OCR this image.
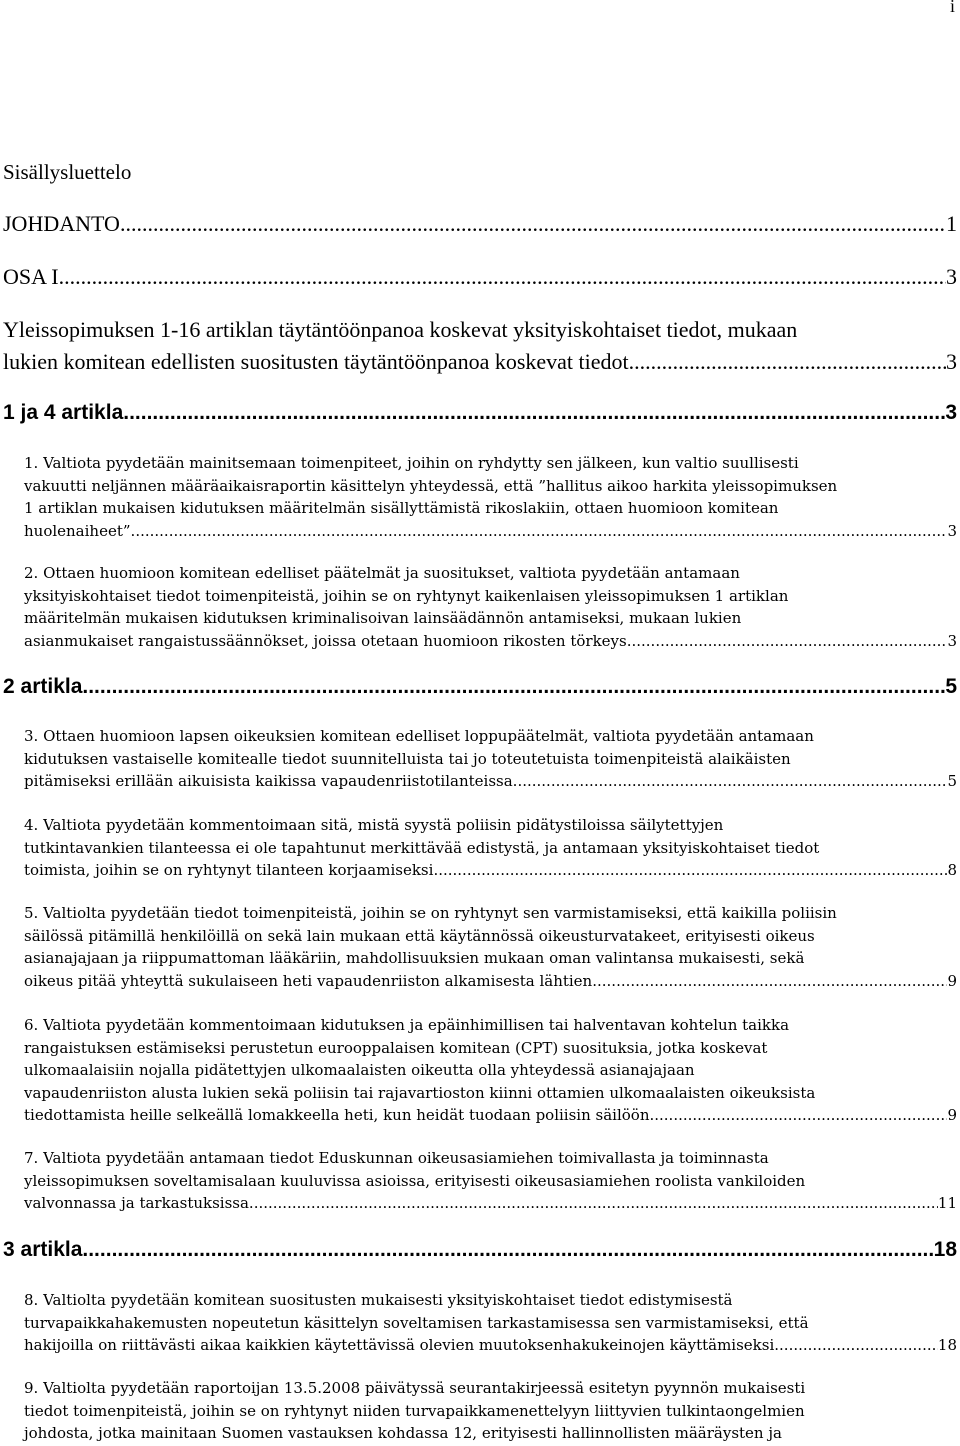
i
Sisällysluettelo
JOHDANTO .....	1
OSA I .....	3
Yleissopimuksen 1-16 artiklan täytäntöönpanoa koskevat yksityiskohtaiset tiedot, mukaan
lukien komitean edellisten suositusten täytäntöönpanoa koskevat tiedot .....	3
1 ja 4 artikla .....	3
1. Valtiota pyydetään mainitsemaan toimenpiteet, joihin on ryhdytty sen jälkeen, kun valtio suullisesti
vakuutti neljännen määräaikaisraportin käsittelyn yhteydessä, että ”hallitus aikoo harkita yleissopimuksen
1 artiklan mukaisen kidutuksen määritelmän sisällyttämistä rikoslakiin, ottaen huomioon komitean
huolenaiheet”. .....	3
2. Ottaen huomioon komitean edelliset päätelmät ja suositukset, valtiota pyydetään antamaan
yksityiskohtaiset tiedot toimenpiteistä, joihin se on ryhtynyt kaikenlaisen yleissopimuksen 1 artiklan
määritelmän mukaisen kidutuksen kriminalisoivan lainsäädännön antamiseksi, mukaan lukien
asianmukaiset rangaistussäännökset, joissa otetaan huomioon rikosten törkeys. .....	3
2 artikla .....	5
3. Ottaen huomioon lapsen oikeuksien komitean edelliset loppupäätelmät, valtiota pyydetään antamaan
kidutuksen vastaiselle komitealle tiedot suunnitelluista tai jo toteutetuista toimenpiteistä alaikäisten
pitämiseksi erillään aikuisista kaikissa vapaudenriistotilanteissa. .....	5
4. Valtiota pyydetään kommentoimaan sitä, mistä syystä poliisin pidätystiloissa säilytettyjen
tutkintavankien tilanteessa ei ole tapahtunut merkittävää edistystä, ja antamaan yksityiskohtaiset tiedot
toimista, joihin se on ryhtynyt tilanteen korjaamiseksi .....	8
5. Valtiolta pyydetään tiedot toimenpiteistä, joihin se on ryhtynyt sen varmistamiseksi, että kaikilla poliisin
säilössä pitämillä henkilöillä on sekä lain mukaan että käytännössä oikeusturvatakeet, erityisesti oikeus
asianajajaan ja riippumattoman lääkäriin, mahdollisuuksien mukaan oman valintansa mukaisesti, sekä
oikeus pitää yhteyttä sukulaiseen heti vapaudenriiston alkamisesta lähtien .....	9
6. Valtiota pyydetään kommentoimaan kidutuksen ja epäinhimillisen tai halventavan kohtelun taikka
rangaistuksen estämiseksi perustetun eurooppalaisen komitean (CPT) suosituksia, jotka koskevat
ulkomaalaisiin nojalla pidätettyjen ulkomaalaisten oikeutta olla yhteydessä asianajajaan
vapaudenriiston alusta lukien sekä poliisin tai rajavartioston kiinni ottamien ulkomaalaisten oikeuksista
tiedottamista heille selkeällä lomakkeella heti, kun heidät tuodaan poliisin säilöön. .....	9
7. Valtiota pyydetään antamaan tiedot Eduskunnan oikeusasiamiehen toimivallasta ja toiminnasta
yleissopimuksen soveltamisalaan kuuluvissa asioissa, erityisesti oikeusasiamiehen roolista vankiloiden
valvonnassa ja tarkastuksissa. .....	11
3 artikla .....	18
8. Valtiolta pyydetään komitean suositusten mukaisesti yksityiskohtaiset tiedot edistymisestä
turvapaikkahakemusten nopeutetun käsittelyn soveltamisen tarkastamisessa sen varmistamiseksi, että
hakijoilla on riittävästi aikaa kaikkien käytettävissä olevien muutoksenhakukeinojen käyttämiseksi. .....	18
9. Valtiolta pyydetään raportoijan 13.5.2008 päivätyssä seurantakirjeessä esitetyn pyynnön mukaisesti
tiedot toimenpiteistä, joihin se on ryhtynyt niiden turvapaikkamenettelyyn liittyvien tulkintaongelmien
johdosta, jotka mainitaan Suomen vastauksen kohdassa 12, erityisesti hallinnollisten määräysten ja
